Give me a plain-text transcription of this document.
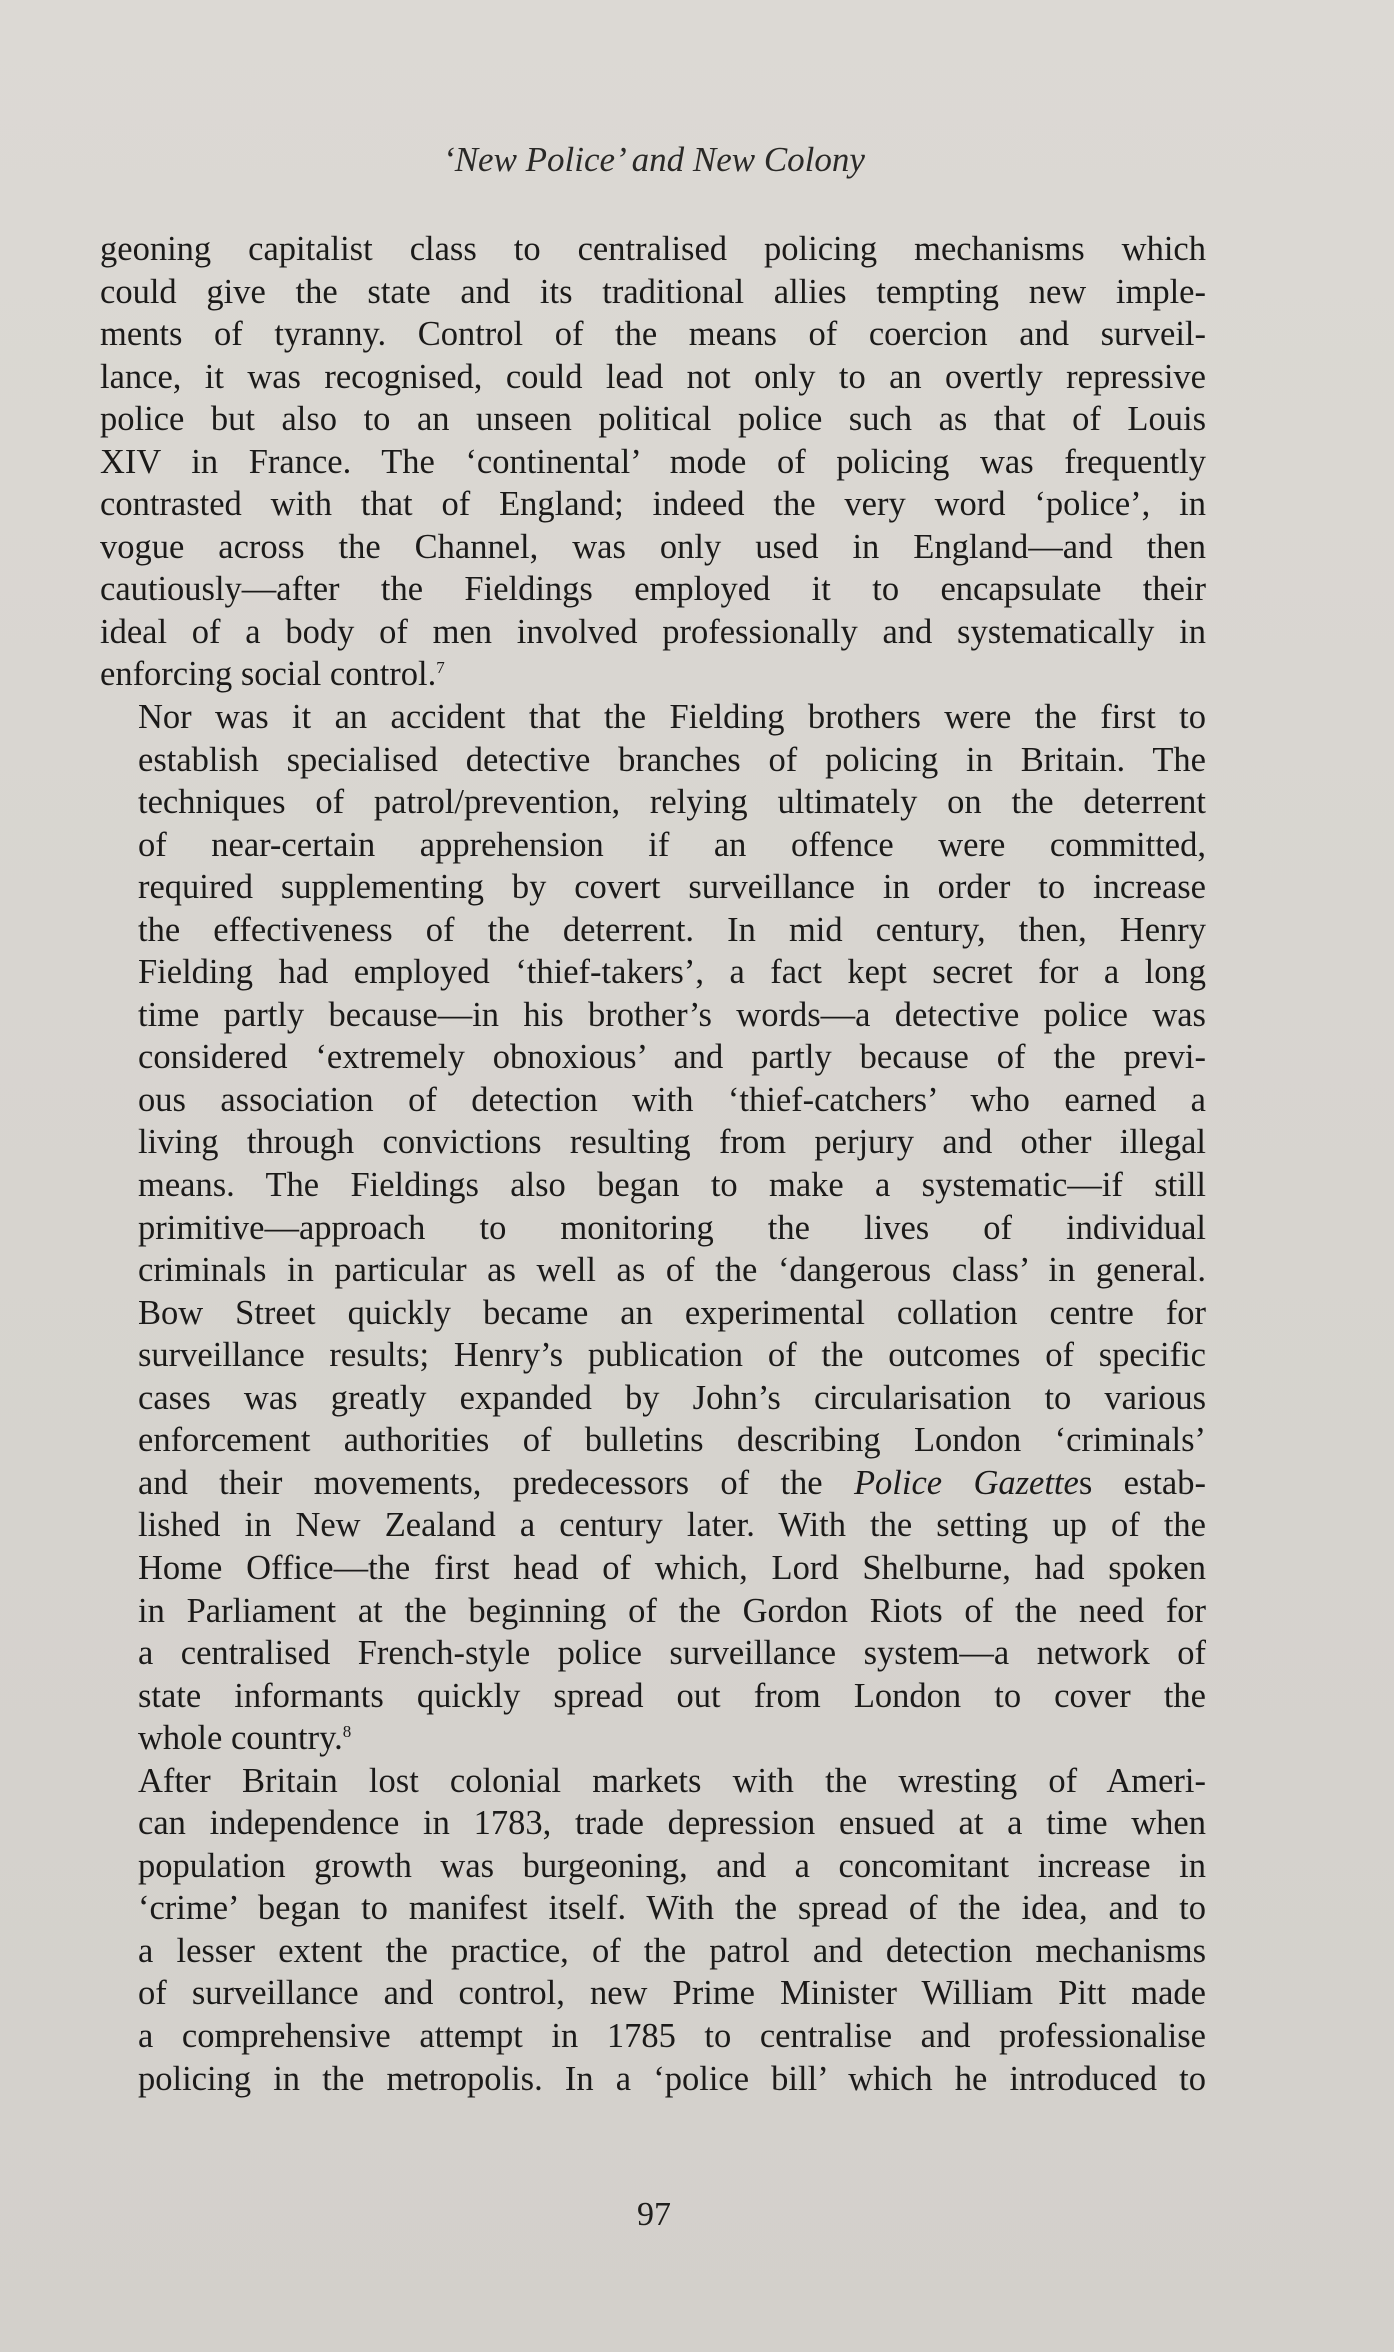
‘New Police’ and New Colony

geoning capitalist class to centralised policing mechanisms which
could give the state and its traditional allies tempting new imple-
ments of tyranny. Control of the means of coercion and surveil-
lance, it was recognised, could lead not only to an overtly repressive
police but also to an unseen political police such as that of Louis
XIV in France. The ‘continental’ mode of policing was frequently
contrasted with that of England; indeed the very word ‘police’, in
vogue across the Channel, was only used in England—and then
cautiously—after the Fieldings employed it to encapsulate their
ideal of a body of men involved professionally and systematically in
enforcing social control.$^7$

Nor was it an accident that the Fielding brothers were the first to
establish specialised detective branches of policing in Britain. The
techniques of patrol/prevention, relying ultimately on the deterrent
of near-certain apprehension if an offence were committed,
required supplementing by covert surveillance in order to increase
the effectiveness of the deterrent. In mid century, then, Henry
Fielding had employed ‘thief-takers’, a fact kept secret for a long
time partly because—in his brother’s words—a detective police was
considered ‘extremely obnoxious’ and partly because of the previ-
ous association of detection with ‘thief-catchers’ who earned a
living through convictions resulting from perjury and other illegal
means. The Fieldings also began to make a systematic—if still
primitive—approach to monitoring the lives of individual
criminals in particular as well as of the ‘dangerous class’ in general.
Bow Street quickly became an experimental collation centre for
surveillance results; Henry’s publication of the outcomes of specific
cases was greatly expanded by John’s circularisation to various
enforcement authorities of bulletins describing London ‘criminals’
and their movements, predecessors of the Police Gazettes estab-
lished in New Zealand a century later. With the setting up of the
Home Office—the first head of which, Lord Shelburne, had spoken
in Parliament at the beginning of the Gordon Riots of the need for
a centralised French-style police surveillance system—a network of
state informants quickly spread out from London to cover the
whole country.$^8$

After Britain lost colonial markets with the wresting of Ameri-
can independence in 1783, trade depression ensued at a time when
population growth was burgeoning, and a concomitant increase in
‘crime’ began to manifest itself. With the spread of the idea, and to
a lesser extent the practice, of the patrol and detection mechanisms
of surveillance and control, new Prime Minister William Pitt made
a comprehensive attempt in 1785 to centralise and professionalise
policing in the metropolis. In a ‘police bill’ which he introduced to

97
